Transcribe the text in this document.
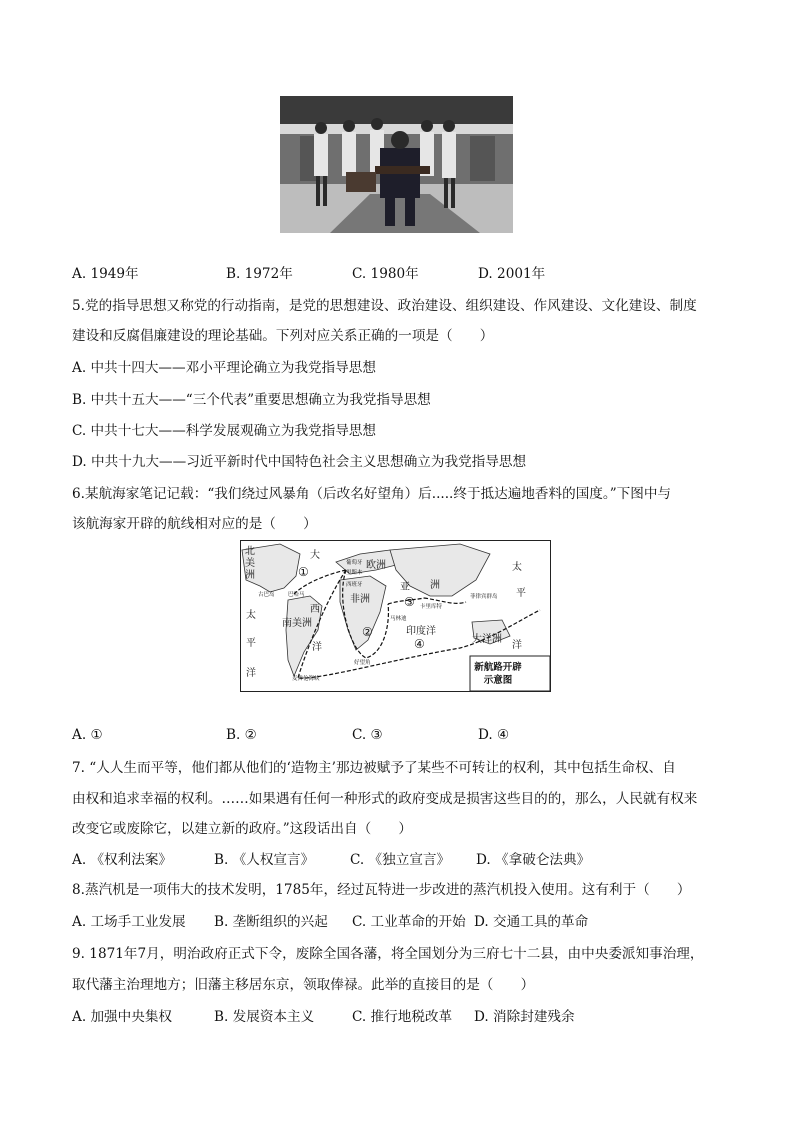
A. 1949年	B. 1972年	C. 1980年	D. 2001年
5.党的指导思想又称党的行动指南，是党的思想建设、政治建设、组织建设、作风建设、文化建设、制度
建设和反腐倡廉建设的理论基础。下列对应关系正确的一项是（　　）
A. 中共十四大——邓小平理论确立为我党指导思想
B. 中共十五大——“三个代表”重要思想确立为我党指导思想
C. 中共十七大——科学发展观确立为我党指导思想
D. 中共十九大——习近平新时代中国特色社会主义思想确立为我党指导思想
6.某航海家笔记记载：“我们绕过风暴角（后改名好望角）后.....终于抵达遍地香料的国度。”下图中与
该航海家开辟的航线相对应的是（　　）
新航路开辟
示意图
北
美
洲
大
西
洋
欧洲
非洲
亚 洲
南美洲
印度洋
大洋洲
太
平
洋
太
平
洋
葡萄牙
里斯本
西班牙
巴哈马
古巴岛
卡里库特
菲律宾群岛
马林迪
好望角
麦哲伦海峡
①
②
③
④
A. ①	B. ②	C. ③	D. ④
7. “人人生而平等，他们都从他们的‘造物主’那边被赋予了某些不可转让的权利，其中包括生命权、自
由权和追求幸福的权利。……如果遇有任何一种形式的政府变成是损害这些目的的，那么，人民就有权来
改变它或废除它，以建立新的政府。”这段话出自（　　）
A. 《权利法案》	B. 《人权宣言》	C. 《独立宣言》 D. 《拿破仑法典》
8.蒸汽机是一项伟大的技术发明，1785年，经过瓦特进一步改进的蒸汽机投入使用。这有利于（　　）
A. 工场手工业发展 B. 垄断组织的兴起 C. 工业革命的开始 D. 交通工具的革命
9. 1871年7月，明治政府正式下令，废除全国各藩，将全国划分为三府七十二县，由中央委派知事治理，
取代藩主治理地方；旧藩主移居东京，领取俸禄。此举的直接目的是（　　）
A. 加强中央集权	B. 发展资本主义	C. 推行地税改革 D. 消除封建残余
